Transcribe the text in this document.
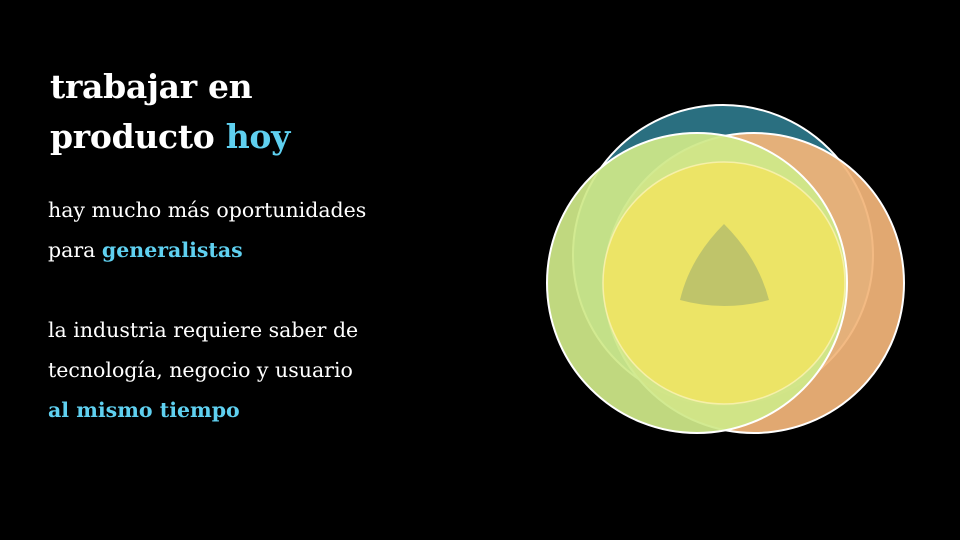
trabajar en
producto hoy

hay mucho más oportunidades
para generalistas

la industria requiere saber de
tecnología, negocio y usuario
al mismo tiempo
